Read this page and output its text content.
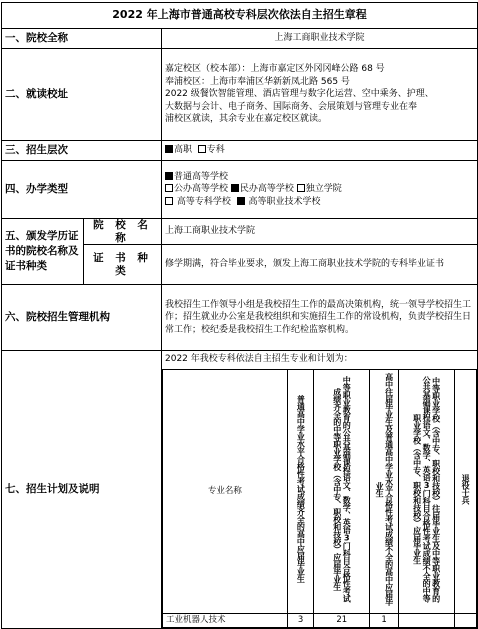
2022 年上海市普通高校专科层次依法自主招生章程
一、院校全称	上海工商职业技术学院
二、就读校址	
嘉定校区（校本部）：上海市嘉定区外冈冈峰公路 68 号
奉浦校区：上海市奉浦区华新新凤北路 565 号
2022 级餐饮智能管理、酒店管理与数字化运营、空中乘务、护理、
大数据与会计、电子商务、国际商务、会展策划与管理专业在奉
浦校区就读，其余专业在嘉定校区就读。

三、招生层次	高职 专科
四、办学类型	
普通高等学校
公办高等学校 民办高等学校 独立学院
高等专科学校 高等职业技术学校

五、颁发学历证书的院校名称及证书种类	院 校 名 称	上海工商职业技术学院
证 书 种 类	修学期满，符合毕业要求，颁发上海工商职业技术学院的专科毕业证书
六、院校招生管理机构	我校招生工作领导小组是我校招生工作的最高决策机构，统一领导学校招生工作；招生就业办公室是我校组织和实施招生工作的常设机构，负责学校招生日常工作；校纪委是我校招生工作纪检监察机构。
七、招生计划及说明	
2022 年我校专科依法自主招生专业和计划为：
专业名称	普通高中学业水平合格性考试成绩齐全的高中应届毕业生	中等职业教育的公共基础课程语文、数学、英语3门科目合格性考试成绩齐全的中等职业学校（含中专、职校和技校）应届毕业生	高中往届毕业生及普通高中学业水平合格性考试成绩不全的高中应届毕业生	中等职业学校（含中专、职校和技校）往届毕业生及中等职业教育的公共基础课程语文、数学、英语3门科目合格性考试成绩不全的中等职业学校（含中专、职校和技校）应届毕业生	退役士兵
工业机器人技术	3	21	1		
